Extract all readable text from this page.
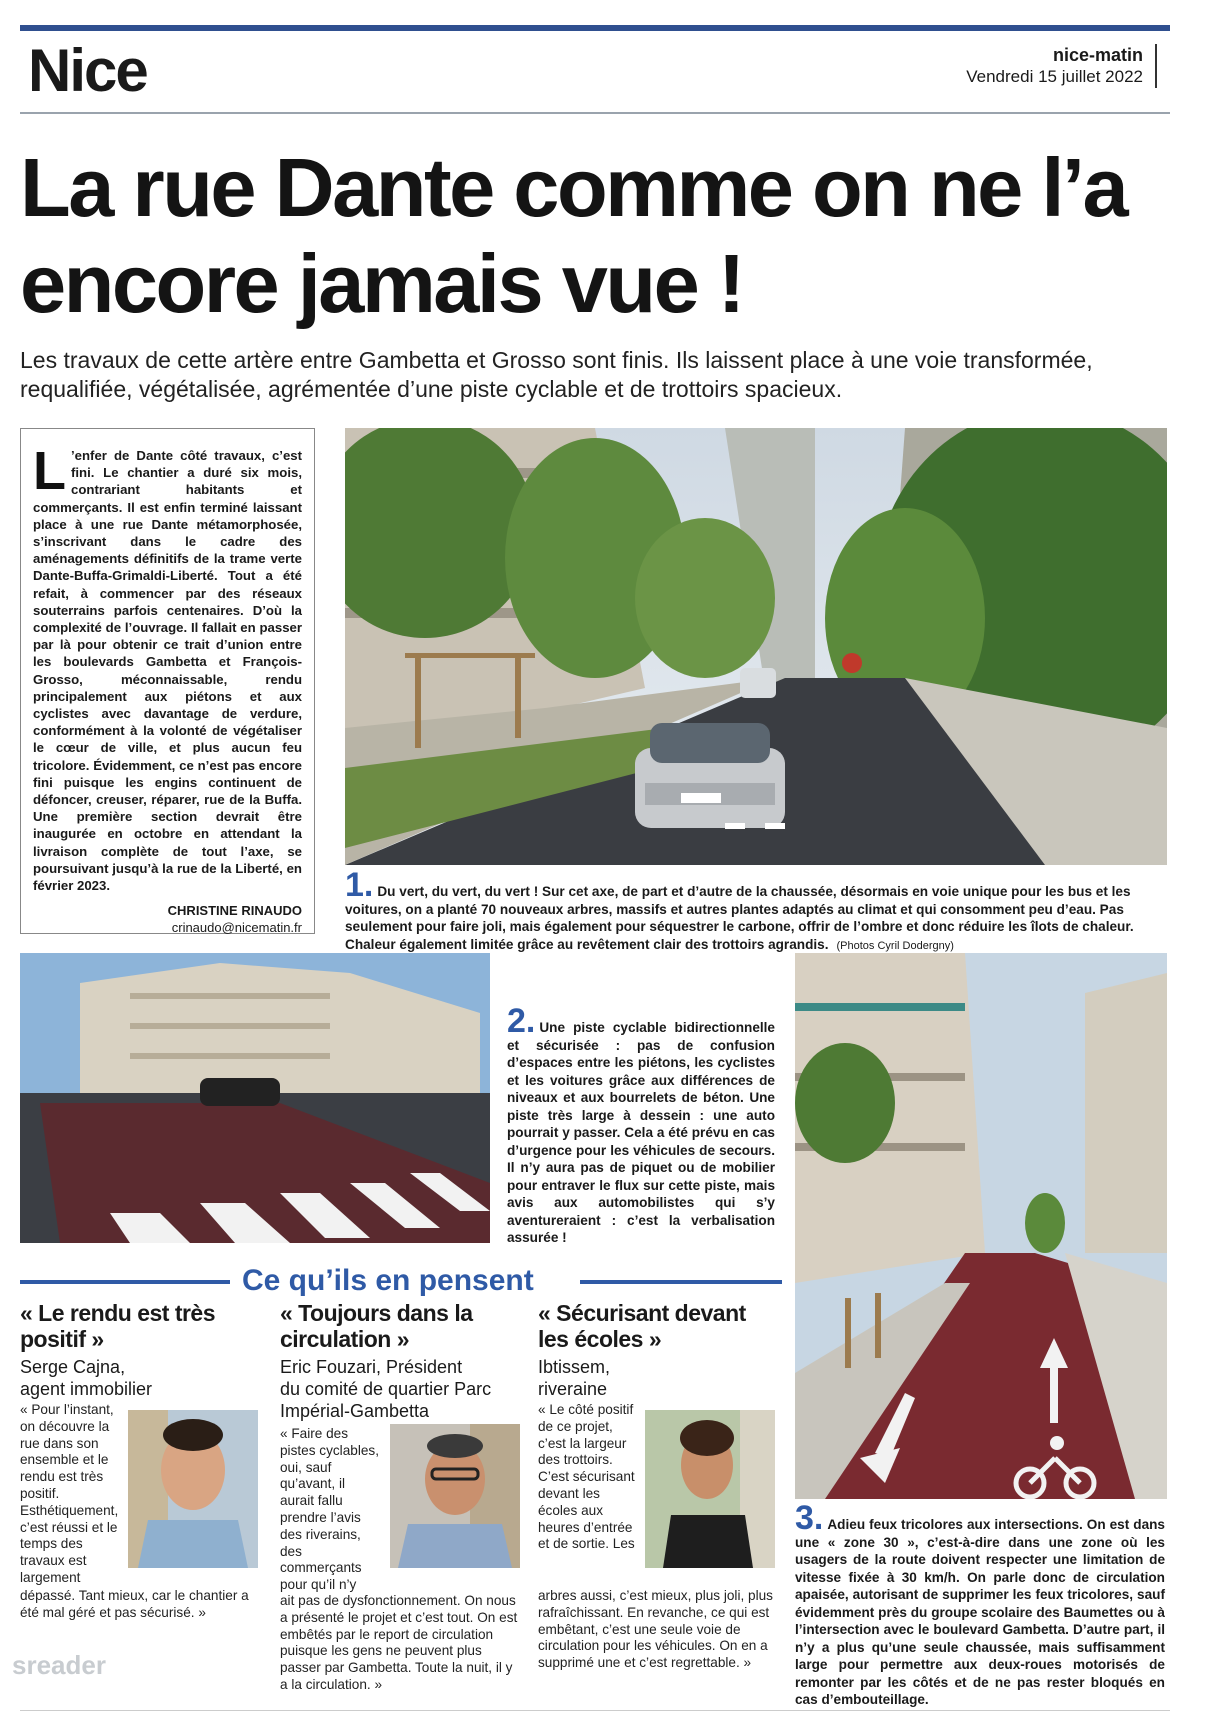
Nice	nice-matin
Vendredi 15 juillet 2022
La rue Dante comme on ne l’a encore jamais vue !
Les travaux de cette artère entre Gambetta et Grosso sont finis. Ils laissent place à une voie transformée, requalifiée, végétalisée, agrémentée d’une piste cyclable et de trottoirs spacieux.
L ’enfer de Dante côté travaux, c’est fini. Le chantier a duré six mois, contrariant habitants et commerçants. Il est enfin terminé laissant place à une rue Dante métamorphosée, s’inscrivant dans le cadre des aménagements définitifs de la trame verte Dante-Buffa-Grimaldi-Liberté. Tout a été refait, à commencer par des réseaux souterrains parfois centenaires. D’où la complexité de l’ouvrage. Il fallait en passer par là pour obtenir ce trait d’union entre les boulevards Gambetta et François-Grosso, méconnaissable, rendu principalement aux piétons et aux cyclistes avec davantage de verdure, conformément à la volonté de végétaliser le cœur de ville, et plus aucun feu tricolore. Évidemment, ce n’est pas encore fini puisque les engins continuent de défoncer, creuser, réparer, rue de la Buffa. Une première section devrait être inaugurée en octobre en attendant la livraison complète de tout l’axe, se poursuivant jusqu’à la rue de la Liberté, en février 2023.
CHRISTINE RINAUDO
crinaudo@nicematin.fr
1. Du vert, du vert, du vert ! Sur cet axe, de part et d’autre de la chaussée, désormais en voie unique pour les bus et les voitures, on a planté 70 nouveaux arbres, massifs et autres plantes adaptés au climat et qui consomment peu d’eau. Pas seulement pour faire joli, mais également pour séquestrer le carbone, offrir de l’ombre et donc réduire les îlots de chaleur. Chaleur également limitée grâce au revêtement clair des trottoirs agrandis. (Photos Cyril Dodergny)
2. Une piste cyclable bidirectionnelle et sécurisée : pas de confusion d’espaces entre les piétons, les cyclistes et les voitures grâce aux différences de niveaux et aux bourrelets de béton. Une piste très large à dessein : une auto pourrait y passer. Cela a été prévu en cas d’urgence pour les véhicules de secours. Il n’y aura pas de piquet ou de mobilier pour entraver le flux sur cette piste, mais avis aux automobilistes qui s’y aventureraient : c’est la verbalisation assurée !
3. Adieu feux tricolores aux intersections. On est dans une « zone 30 », c’est-à-dire dans une zone où les usagers de la route doivent respecter une limitation de vitesse fixée à 30 km/h. On parle donc de circulation apaisée, autorisant de supprimer les feux tricolores, sauf évidemment près du groupe scolaire des Baumettes ou à l’intersection avec le boulevard Gambetta. D’autre part, il n’y a plus qu’une seule chaussée, mais suffisamment large pour permettre aux deux-roues motorisés de remonter par les côtés et de ne pas rester bloqués en cas d’embouteillage.
Ce qu’ils en pensent
« Le rendu est très positif »
Serge Cajna,
agent immobilier
« Pour l’instant, on découvre la rue dans son ensemble et le rendu est très positif. Esthétiquement, c’est réussi et le temps des travaux est largement
dépassé. Tant mieux, car le chantier a été mal géré et pas sécurisé. »
« Toujours dans la circulation »
Eric Fouzari, Président
du comité de quartier Parc Impérial-Gambetta
« Faire des pistes cyclables, oui, sauf qu’avant, il aurait fallu prendre l’avis des riverains, des commerçants pour qu’il n’y
ait pas de dysfonctionnement. On nous a présenté le projet et c’est tout. On est embêtés par le report de circulation puisque les gens ne peuvent plus passer par Gambetta. Toute la nuit, il y a la circulation. »
« Sécurisant devant les écoles »
Ibtissem,
riveraine
« Le côté positif de ce projet, c’est la largeur des trottoirs. C’est sécurisant devant les écoles aux heures d’entrée et de sortie. Les
arbres aussi, c’est mieux, plus joli, plus rafraîchissant. En revanche, ce qui est embêtant, c’est une seule voie de circulation pour les véhicules. On en a supprimé une et c’est regrettable. »
sreader
